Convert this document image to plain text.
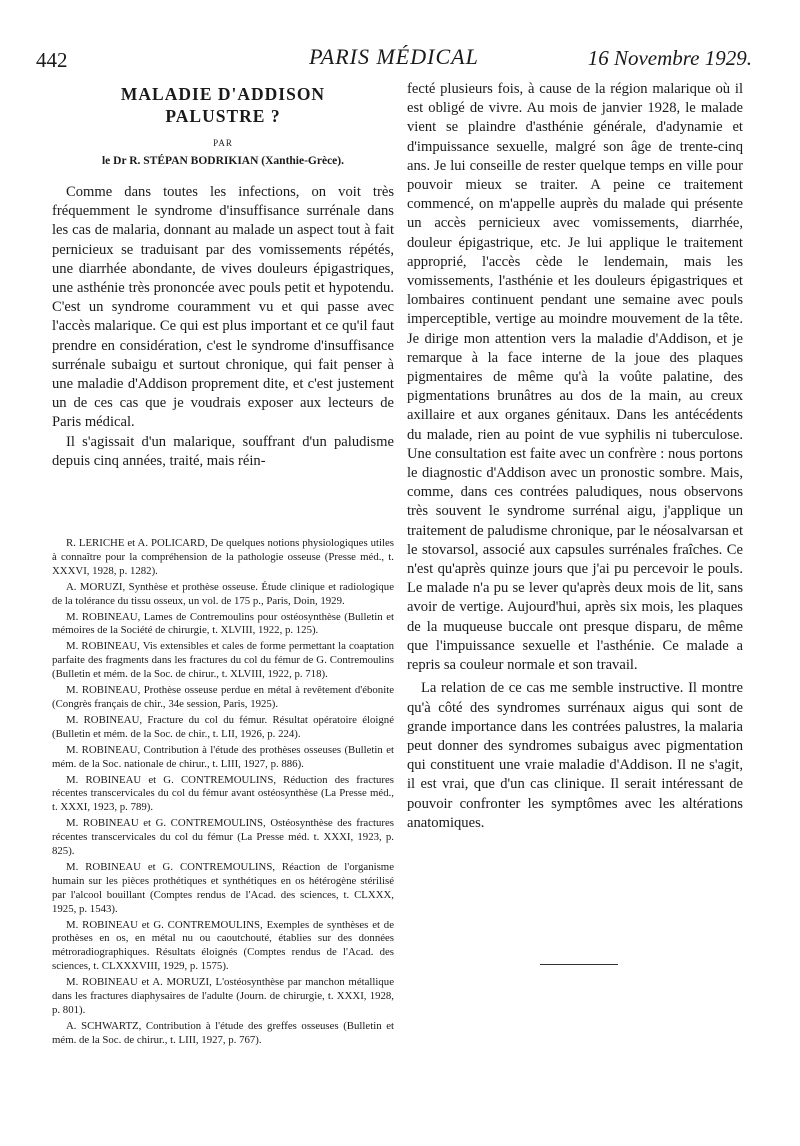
442	PARIS MÉDICAL	16 Novembre 1929.
MALADIE D'ADDISON
PALUSTRE ?
PAR
le Dr R. STÉPAN BODRIKIAN (Xanthie-Grèce).

Comme dans toutes les infections, on voit très fréquemment le syndrome d'insuffisance surrénale dans les cas de malaria, donnant au malade un aspect tout à fait pernicieux se traduisant par des vomissements répétés, une diarrhée abondante, de vives douleurs épigastriques, une asthénie très prononcée avec pouls petit et hypotendu. C'est un syndrome couramment vu et qui passe avec l'accès malarique. Ce qui est plus important et ce qu'il faut prendre en considération, c'est le syndrome d'insuffisance surrénale subaigu et surtout chronique, qui fait penser à une maladie d'Addison proprement dite, et c'est justement un de ces cas que je voudrais exposer aux lecteurs de Paris médical.

Il s'agissait d'un malarique, souffrant d'un paludisme depuis cinq années, traité, mais réin-

R. LERICHE et A. POLICARD, De quelques notions physiologiques utiles à connaître pour la compréhension de la pathologie osseuse (Presse méd., t. XXXVI, 1928, p. 1282).

A. MORUZI, Synthèse et prothèse osseuse. Étude clinique et radiologique de la tolérance du tissu osseux, un vol. de 175 p., Paris, Doin, 1929.

M. ROBINEAU, Lames de Contremoulins pour ostéosynthèse (Bulletin et mémoires de la Société de chirurgie, t. XLVIII, 1922, p. 125).

M. ROBINEAU, Vis extensibles et cales de forme permettant la coaptation parfaite des fragments dans les fractures du col du fémur de G. Contremoulins (Bulletin et mém. de la Soc. de chirur., t. XLVIII, 1922, p. 718).

M. ROBINEAU, Prothèse osseuse perdue en métal à revêtement d'ébonite (Congrès français de chir., 34e session, Paris, 1925).

M. ROBINEAU, Fracture du col du fémur. Résultat opératoire éloigné (Bulletin et mém. de la Soc. de chir., t. LII, 1926, p. 224).

M. ROBINEAU, Contribution à l'étude des prothèses osseuses (Bulletin et mém. de la Soc. nationale de chirur., t. LIII, 1927, p. 886).

M. ROBINEAU et G. CONTREMOULINS, Réduction des fractures récentes transcervicales du col du fémur avant ostéosynthèse (La Presse méd., t. XXXI, 1923, p. 789).

M. ROBINEAU et G. CONTREMOULINS, Ostéosynthèse des fractures récentes transcervicales du col du fémur (La Presse méd. t. XXXI, 1923, p. 825).

M. ROBINEAU et G. CONTREMOULINS, Réaction de l'organisme humain sur les pièces prothétiques et synthétiques en os hétérogène stérilisé par l'alcool bouillant (Comptes rendus de l'Acad. des sciences, t. CLXXX, 1925, p. 1543).

M. ROBINEAU et G. CONTREMOULINS, Exemples de synthèses et de prothèses en os, en métal nu ou caoutchouté, établies sur des données métroradiographiques. Résultats éloignés (Comptes rendus de l'Acad. des sciences, t. CLXXXVIII, 1929, p. 1575).

M. ROBINEAU et A. MORUZI, L'ostéosynthèse par manchon métallique dans les fractures diaphysaires de l'adulte (Journ. de chirurgie, t. XXXI, 1928, p. 801).

A. SCHWARTZ, Contribution à l'étude des greffes osseuses (Bulletin et mém. de la Soc. de chirur., t. LIII, 1927, p. 767).

fecté plusieurs fois, à cause de la région malarique où il est obligé de vivre. Au mois de janvier 1928, le malade vient se plaindre d'asthénie générale, d'adynamie et d'impuissance sexuelle, malgré son âge de trente-cinq ans. Je lui conseille de rester quelque temps en ville pour pouvoir mieux se traiter. A peine ce traitement commencé, on m'appelle auprès du malade qui présente un accès pernicieux avec vomissements, diarrhée, douleur épigastrique, etc. Je lui applique le traitement approprié, l'accès cède le lendemain, mais les vomissements, l'asthénie et les douleurs épigastriques et lombaires continuent pendant une semaine avec pouls imperceptible, vertige au moindre mouvement de la tête. Je dirige mon attention vers la maladie d'Addison, et je remarque à la face interne de la joue des plaques pigmentaires de même qu'à la voûte palatine, des pigmentations brunâtres au dos de la main, au creux axillaire et aux organes génitaux. Dans les antécédents du malade, rien au point de vue syphilis ni tuberculose. Une consultation est faite avec un confrère : nous portons le diagnostic d'Addison avec un pronostic sombre. Mais, comme, dans ces contrées paludiques, nous observons très souvent le syndrome surrénal aigu, j'applique un traitement de paludisme chronique, par le néosalvarsan et le stovarsol, associé aux capsules surrénales fraîches. Ce n'est qu'après quinze jours que j'ai pu percevoir le pouls. Le malade n'a pu se lever qu'après deux mois de lit, sans avoir de vertige. Aujourd'hui, après six mois, les plaques de la muqueuse buccale ont presque disparu, de même que l'impuissance sexuelle et l'asthénie. Ce malade a repris sa couleur normale et son travail.

La relation de ce cas me semble instructive. Il montre qu'à côté des syndromes surrénaux aigus qui sont de grande importance dans les contrées palustres, la malaria peut donner des syndromes subaigus avec pigmentation qui constituent une vraie maladie d'Addison. Il ne s'agit, il est vrai, que d'un cas clinique. Il serait intéressant de pouvoir confronter les symptômes avec les altérations anatomiques.
